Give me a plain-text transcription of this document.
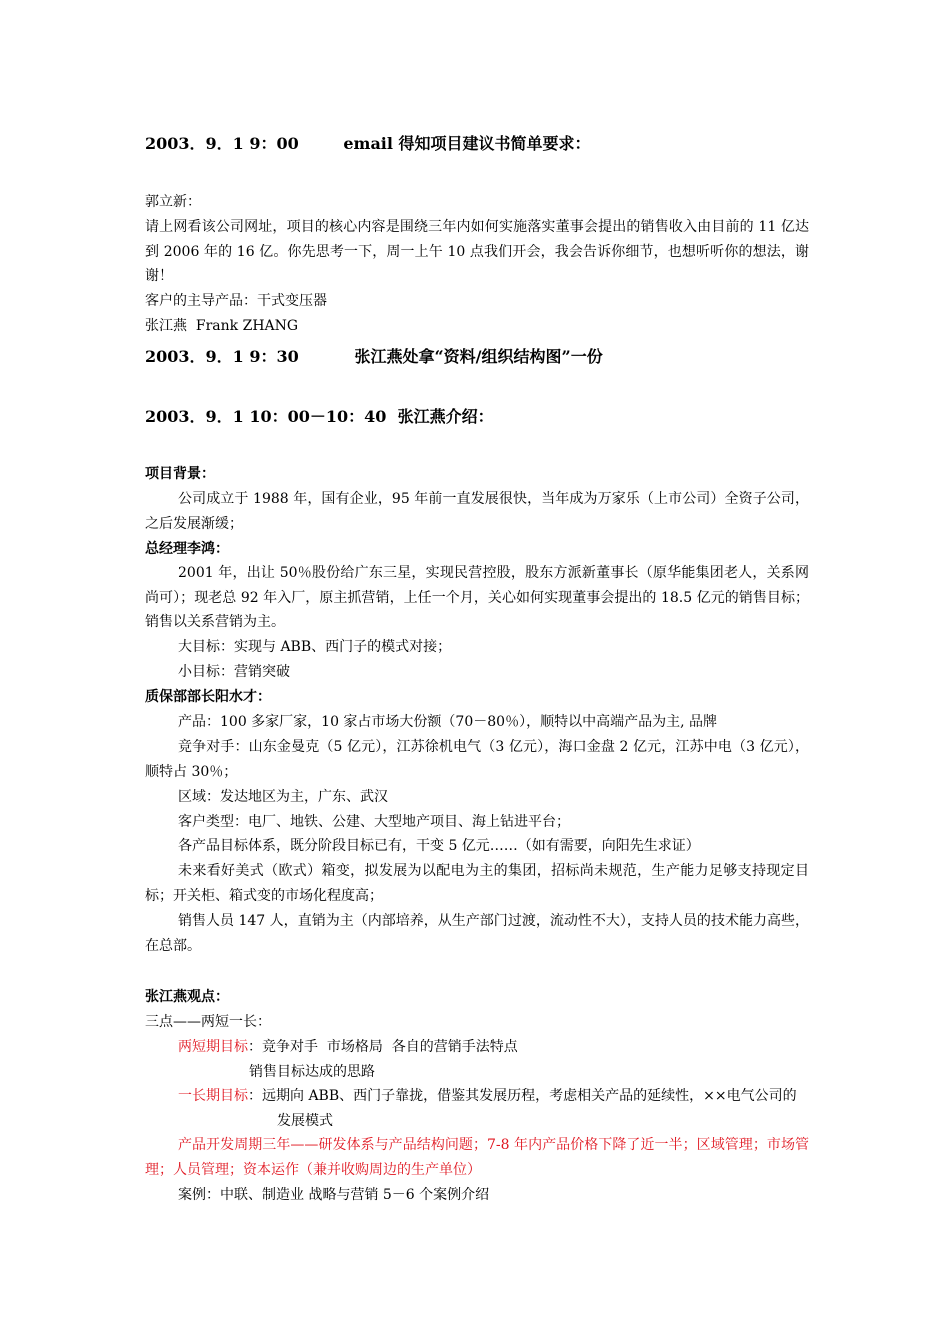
2003．9．1 9：00        email 得知项目建议书简单要求：
郭立新：
请上网看该公司网址，项目的核心内容是围绕三年内如何实施落实董事会提出的销售收入由目前的 11 亿达到 2006 年的 16 亿。你先思考一下，周一上午 10 点我们开会，我会告诉你细节，也想听听你的想法，谢谢！
客户的主导产品：干式变压器
张江燕  Frank ZHANG
2003．9．1 9：30          张江燕处拿“资料/组织结构图”一份
2003．9．1 10：00－10：40  张江燕介绍：
项目背景：
公司成立于 1988 年，国有企业，95 年前一直发展很快，当年成为万家乐（上市公司）全资子公司，之后发展渐缓；
总经理李鸿：
2001 年，出让 50％股份给广东三星，实现民营控股，股东方派新董事长（原华能集团老人，关系网尚可）；现老总 92 年入厂，原主抓营销，上任一个月，关心如何实现董事会提出的 18.5 亿元的销售目标；销售以关系营销为主。
大目标：实现与 ABB、西门子的模式对接；
小目标：营销突破
质保部部长阳水才：
产品：100 多家厂家，10 家占市场大份额（70－80％），顺特以中高端产品为主, 品牌
竞争对手：山东金曼克（5 亿元），江苏徐机电气（3 亿元），海口金盘 2 亿元，江苏中电（3 亿元），顺特占 30％；
区域：发达地区为主，广东、武汉
客户类型：电厂、地铁、公建、大型地产项目、海上钻进平台；
各产品目标体系，既分阶段目标已有，干变 5 亿元……（如有需要，向阳先生求证）
未来看好美式（欧式）箱变，拟发展为以配电为主的集团，招标尚未规范，生产能力足够支持现定目标；开关柜、箱式变的市场化程度高；
销售人员 147 人，直销为主（内部培养，从生产部门过渡，流动性不大），支持人员的技术能力高些，在总部。
张江燕观点：
三点——两短一长：
两短期目标：竞争对手  市场格局  各自的营销手法特点
销售目标达成的思路
一长期目标：远期向 ABB、西门子靠拢，借鉴其发展历程，考虑相关产品的延续性，××电气公司的发展模式
产品开发周期三年——研发体系与产品结构问题；7-8 年内产品价格下降了近一半；区域管理；市场管理；人员管理；资本运作（兼并收购周边的生产单位）
案例：中联、制造业 战略与营销 5－6 个案例介绍
